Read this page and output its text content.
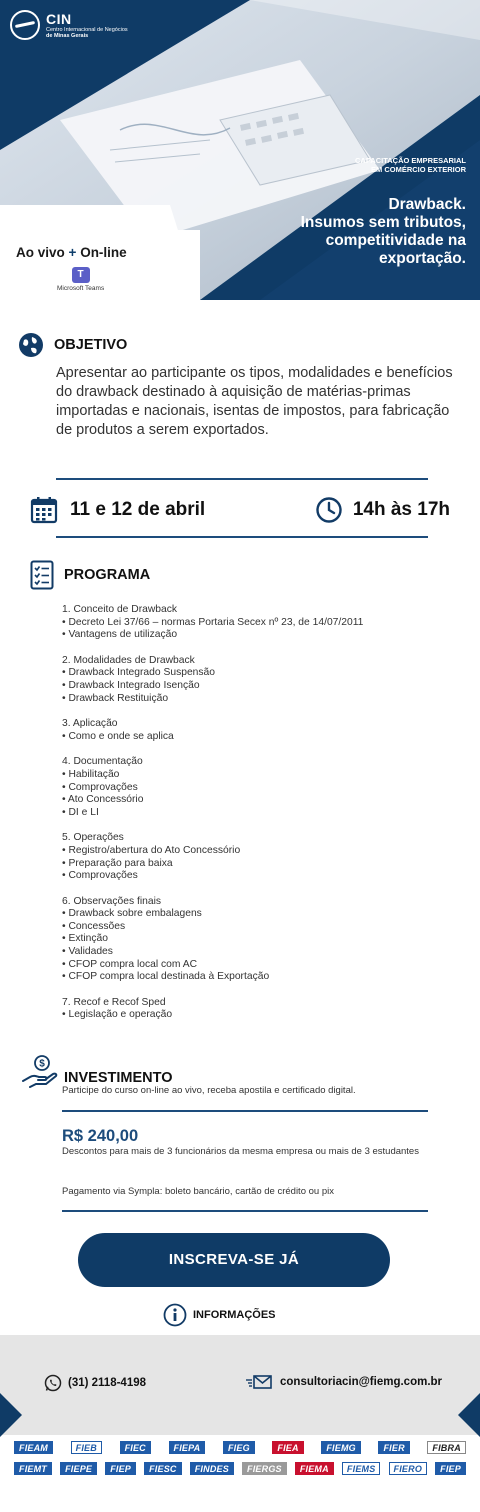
CIN
Centro Internacional de Negócios
de Minas Gerais
CAPACITAÇÃO EMPRESARIAL
EM COMÉRCIO EXTERIOR
Drawback.
Insumos sem tributos,
competitividade na
exportação.
Ao vivo + On-line
T
Microsoft Teams
OBJETIVO
Apresentar ao participante os tipos, modalidades e benefícios do drawback destinado à aquisição de matérias-primas importadas e nacionais, isentas de impostos, para fabricação de produtos a serem exportados.
11 e 12 de abril	14h às 17h
PROGRAMA
1. Conceito de Drawback
• Decreto Lei 37/66 – normas Portaria Secex nº 23, de 14/07/2011
• Vantagens de utilização
2. Modalidades de Drawback
• Drawback Integrado Suspensão
• Drawback Integrado Isenção
• Drawback Restituição
3. Aplicação
• Como e onde se aplica
4. Documentação
• Habilitação
• Comprovações
• Ato Concessório
• DI e LI
5. Operações
• Registro/abertura do Ato Concessório
• Preparação para baixa
• Comprovações
6. Observações finais
• Drawback sobre embalagens
• Concessões
• Extinção
• Validades
• CFOP compra local com AC
• CFOP compra local destinada à Exportação
7. Recof e Recof Sped
• Legislação e operação
$
INVESTIMENTO
Participe do curso on-line ao vivo, receba apostila e certificado digital.
R$ 240,00
Descontos para mais de 3 funcionários da mesma empresa ou mais de 3 estudantes
Pagamento via Sympla: boleto bancário, cartão de crédito ou pix
INSCREVA-SE JÁ
INFORMAÇÕES
(31) 2118-4198	consultoriacin@fiemg.com.br
FIEAM	FIEB	FIEC	FIEPA	FIEG	FIEA	FIEMG	FIER	FIBRA
FIEMT	FIEPE	FIEP	FIESC	FINDES	FIERGS	FIEMA	FIEMS	FIERO	FIEP
